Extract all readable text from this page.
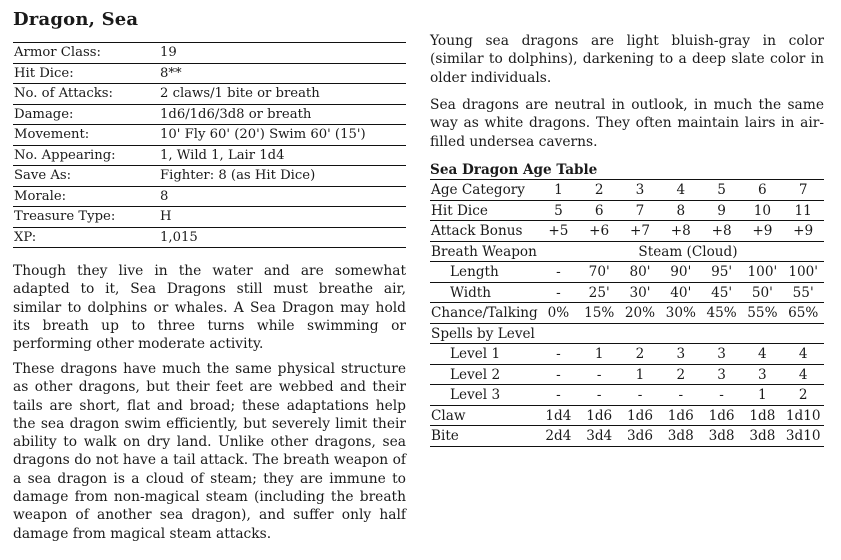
Dragon, Sea
Armor Class:	19
Hit Dice:	8**
No. of Attacks:	2 claws/1 bite or breath
Damage:	1d6/1d6/3d8 or breath
Movement:	10' Fly 60' (20') Swim 60' (15')
No. Appearing:	1, Wild 1, Lair 1d4
Save As:	Fighter: 8 (as Hit Dice)
Morale:	8
Treasure Type:	H
XP:	1,015

Though they live in the water and are somewhat adapted to it, Sea Dragons still must breathe air, similar to dolphins or whales. A Sea Dragon may hold its breath up to three turns while swimming or performing other moderate activity.

These dragons have much the same physical structure as other dragons, but their feet are webbed and their tails are short, flat and broad; these adaptations help the sea dragon swim efficiently, but severely limit their ability to walk on dry land. Unlike other dragons, sea dragons do not have a tail attack. The breath weapon of a sea dragon is a cloud of steam; they are immune to damage from non-magical steam (including the breath weapon of another sea dragon), and suffer only half damage from magical steam attacks.

Young sea dragons are light bluish-gray in color (similar to dolphins), darkening to a deep slate color in older individuals.

Sea dragons are neutral in outlook, in much the same way as white dragons. They often maintain lairs in air-filled undersea caverns.

Sea Dragon Age Table
Age Category	1	2	3	4	5	6	7
Hit Dice	5	6	7	8	9	10	11
Attack Bonus	+5	+6	+7	+8	+8	+9	+9
Breath Weapon	Steam (Cloud)
Length	-	70'	80'	90'	95'	100' 100'
Width	-	25'	30'	40'	45'	50'	55'
Chance/Talking 0%	15% 20% 30% 45% 55% 65%
Spells by Level
Level 1	-	1	2	3	3	4	4
Level 2	-	-	1	2	3	3	4
Level 3	-	-	-	-	-	1	2
Claw	1d4	1d6	1d6	1d6	1d6	1d8 1d10
Bite	2d4	3d4	3d6	3d8	3d8	3d8 3d10
